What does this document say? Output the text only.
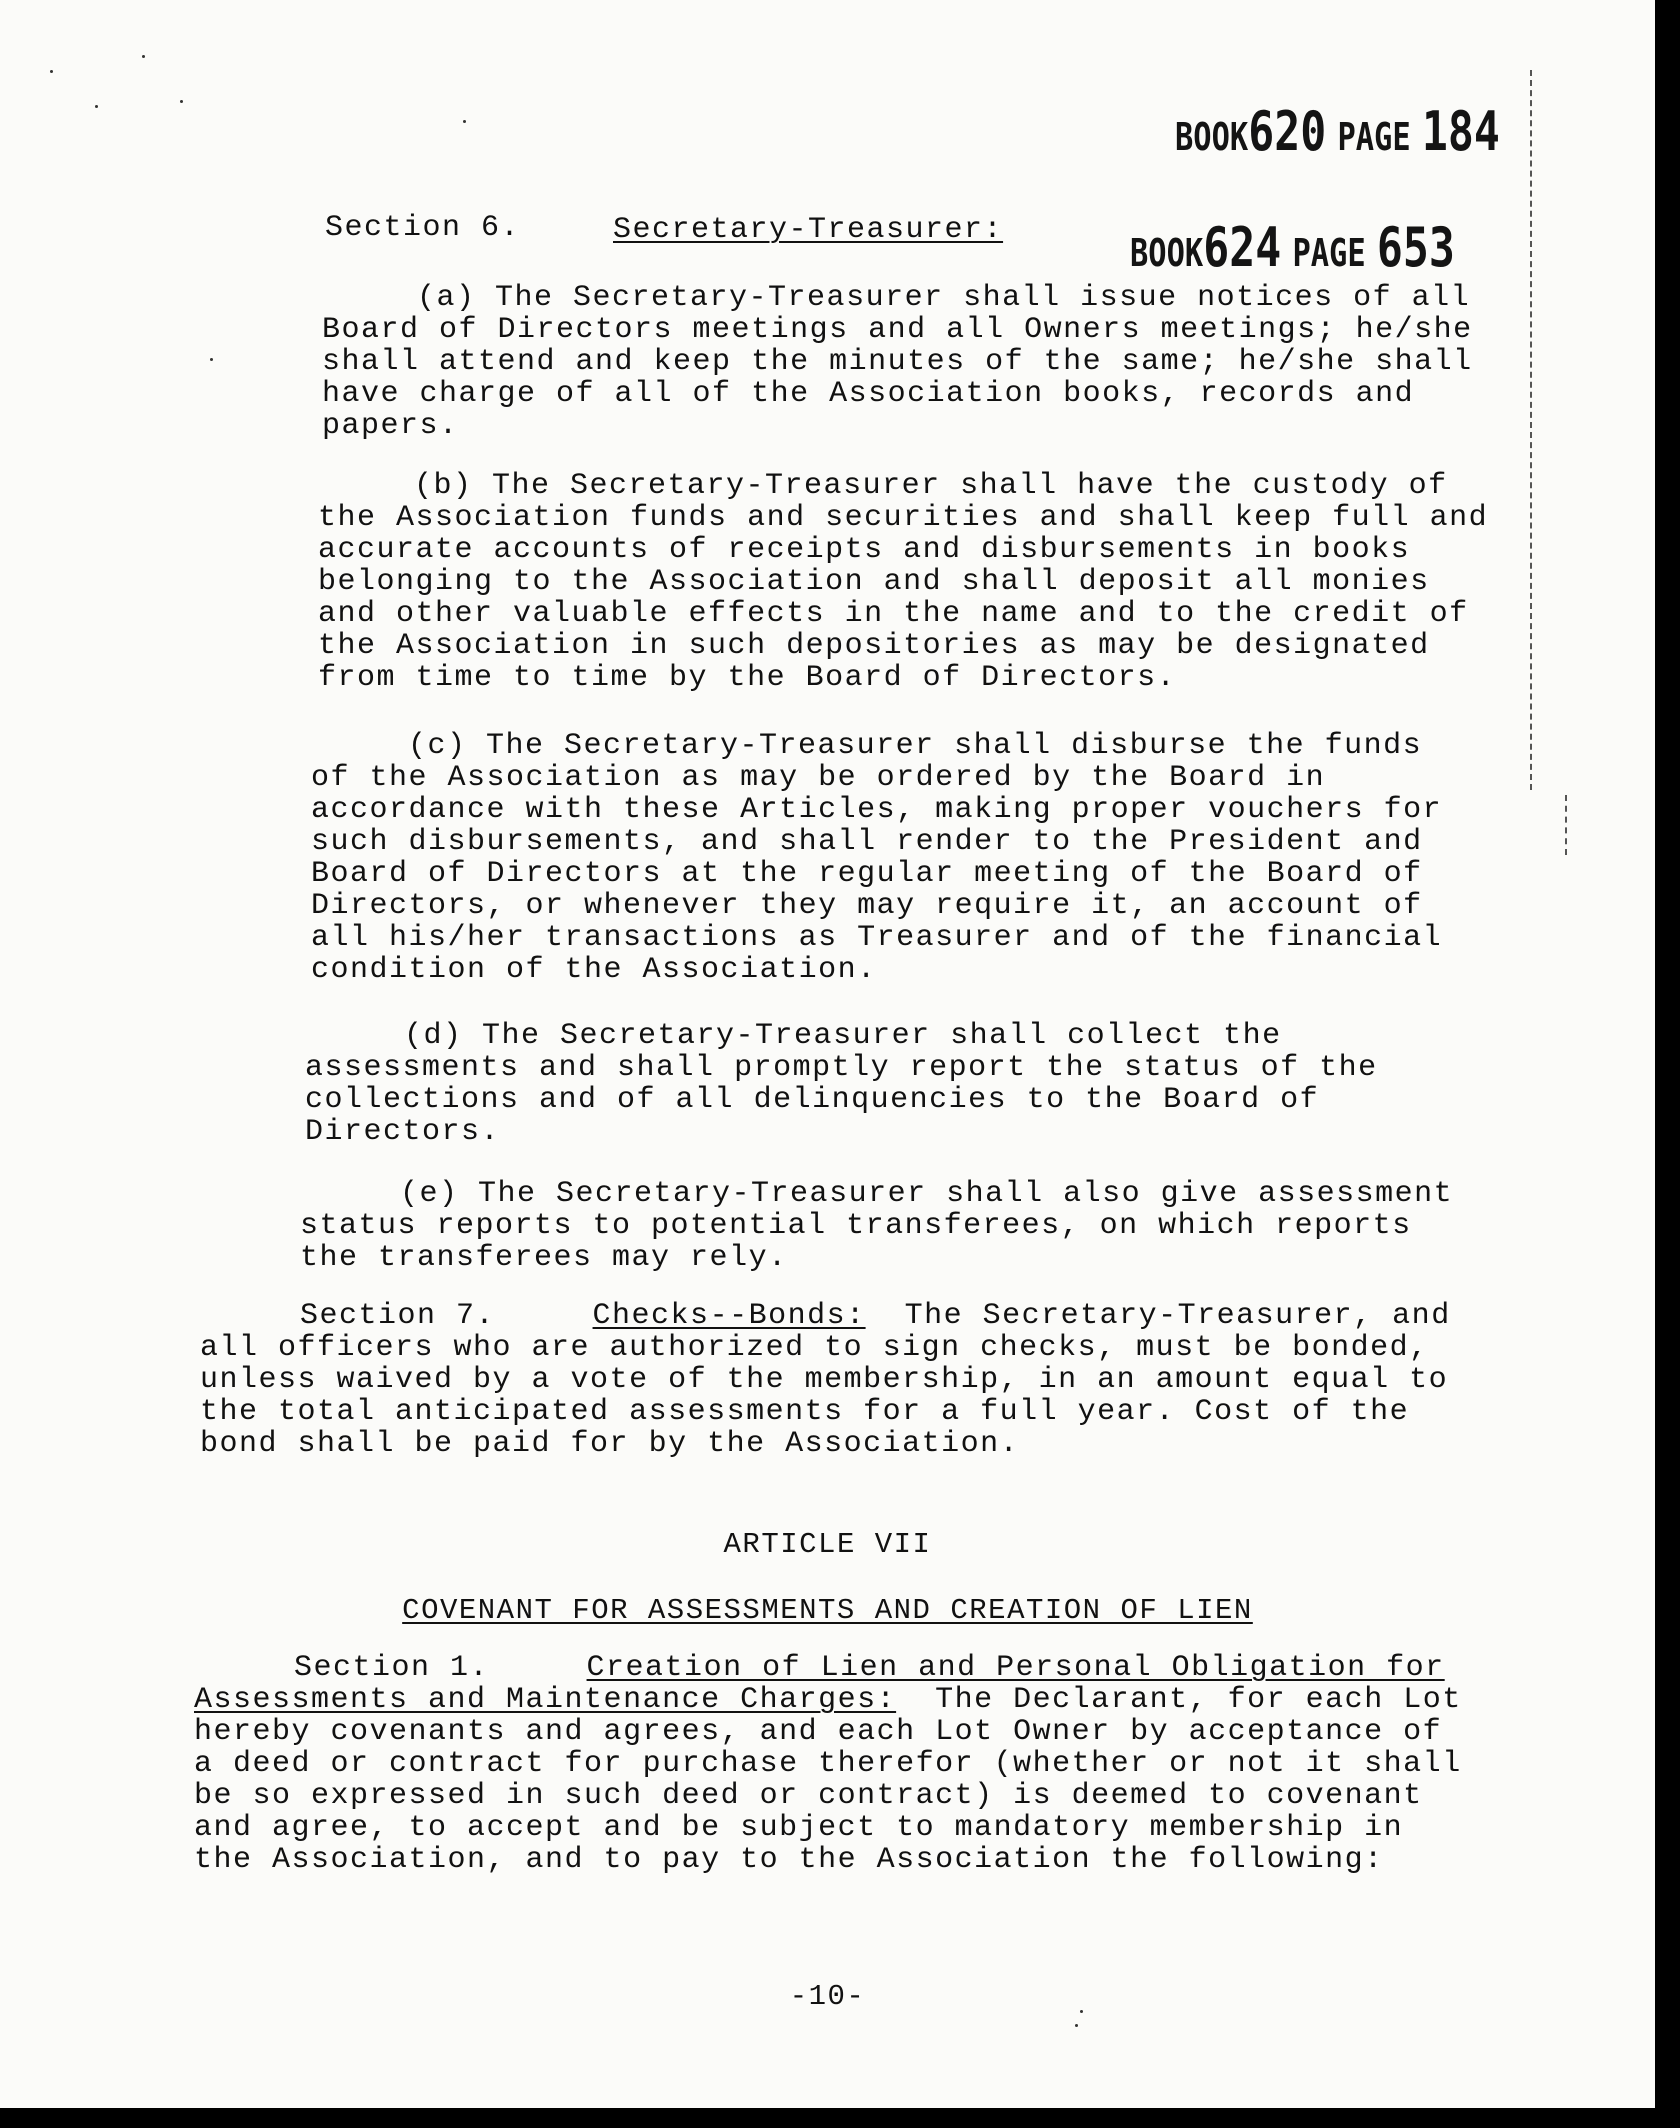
BOOK620 PAGE 184
BOOK624 PAGE 653
Section 6.	Secretary-Treasurer:
(a) The Secretary-Treasurer shall issue notices of all
Board of Directors meetings and all Owners meetings; he/she
shall attend and keep the minutes of the same; he/she shall
have charge of all of the Association books, records and
papers.
(b) The Secretary-Treasurer shall have the custody of
the Association funds and securities and shall keep full and
accurate accounts of receipts and disbursements in books
belonging to the Association and shall deposit all monies
and other valuable effects in the name and to the credit of
the Association in such depositories as may be designated
from time to time by the Board of Directors.
(c) The Secretary-Treasurer shall disburse the funds
of the Association as may be ordered by the Board in
accordance with these Articles, making proper vouchers for
such disbursements, and shall render to the President and
Board of Directors at the regular meeting of the Board of
Directors, or whenever they may require it, an account of
all his/her transactions as Treasurer and of the financial
condition of the Association.
(d) The Secretary-Treasurer shall collect the
assessments and shall promptly report the status of the
collections and of all delinquencies to the Board of
Directors.
(e) The Secretary-Treasurer shall also give assessment
status reports to potential transferees, on which reports
the transferees may rely.
Section 7.	Checks--Bonds: The Secretary-Treasurer, and
all officers who are authorized to sign checks, must be bonded,
unless waived by a vote of the membership, in an amount equal to
the total anticipated assessments for a full year. Cost of the
bond shall be paid for by the Association.
ARTICLE VII
COVENANT FOR ASSESSMENTS AND CREATION OF LIEN
Section 1.	Creation of Lien and Personal Obligation for
Assessments and Maintenance Charges: The Declarant, for each Lot
hereby covenants and agrees, and each Lot Owner by acceptance of
a deed or contract for purchase therefor (whether or not it shall
be so expressed in such deed or contract) is deemed to covenant
and agree, to accept and be subject to mandatory membership in
the Association, and to pay to the Association the following:
-10-
